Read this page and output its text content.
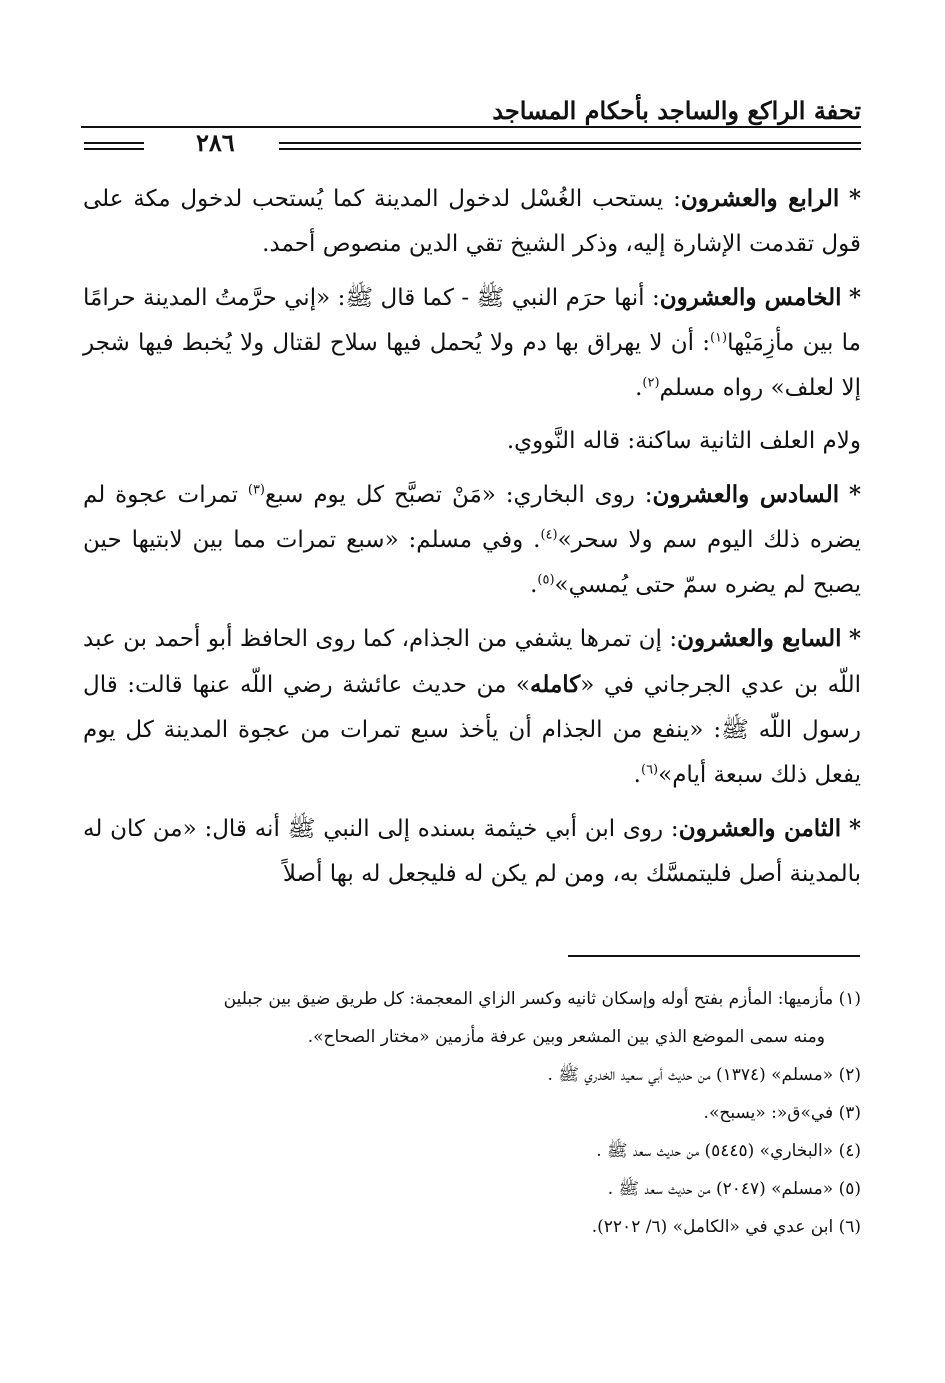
تحفة الراكع والساجد بأحكام المساجد
٢٨٦

* الرابع والعشرون: يستحب الغُسْل لدخول المدينة كما يُستحب لدخول مكة على قول تقدمت الإشارة إليه، وذكر الشيخ تقي الدين منصوص أحمد.

* الخامس والعشرون: أنها حرَم النبي ﷺ - كما قال ﷺ: «إني حرَّمتُ المدينة حرامًا ما بين مأزِمَيْها$^{(١)}$: أن لا يهراق بها دم ولا يُحمل فيها سلاح لقتال ولا يُخبط فيها شجر إلا لعلف» رواه مسلم$^{(٢)}$.

ولام العلف الثانية ساكنة: قاله النَّووي.

* السادس والعشرون: روى البخاري: «مَنْ تصبَّح كل يوم سبع$^{(٣)}$ تمرات عجوة لم يضره ذلك اليوم سم ولا سحر»$^{(٤)}$. وفي مسلم: «سبع تمرات مما بين لابتيها حين يصبح لم يضره سمّ حتى يُمسي»$^{(٥)}$.

* السابع والعشرون: إن تمرها يشفي من الجذام، كما روى الحافظ أبو أحمد بن عبد اللّه بن عدي الجرجاني في «كامله» من حديث عائشة رضي اللّه عنها قالت: قال رسول اللّه ﷺ: «ينفع من الجذام أن يأخذ سبع تمرات من عجوة المدينة كل يوم يفعل ذلك سبعة أيام»$^{(٦)}$.

* الثامن والعشرون: روى ابن أبي خيثمة بسنده إلى النبي ﷺ أنه قال: «من كان له بالمدينة أصل فليتمسَّك به، ومن لم يكن له فليجعل له بها أصلاً

(١) مأزميها: المأزم بفتح أوله وإسكان ثانيه وكسر الزاي المعجمة: كل طريق ضيق بين جبلين

ومنه سمى الموضع الذي بين المشعر وبين عرفة مأزمين «مختار الصحاح».

(٢) «مسلم» (١٣٧٤) من حديث أبي سعيد الخدري ﷺ .

(٣) في»ق«: «يسبح».

(٤) «البخاري» (٥٤٤٥) من حديث سعد ﷺ .

(٥) «مسلم» (٢٠٤٧) من حديث سعد ﷺ .

(٦) ابن عدي في «الكامل» (٦/ ٢٢٠٢).
